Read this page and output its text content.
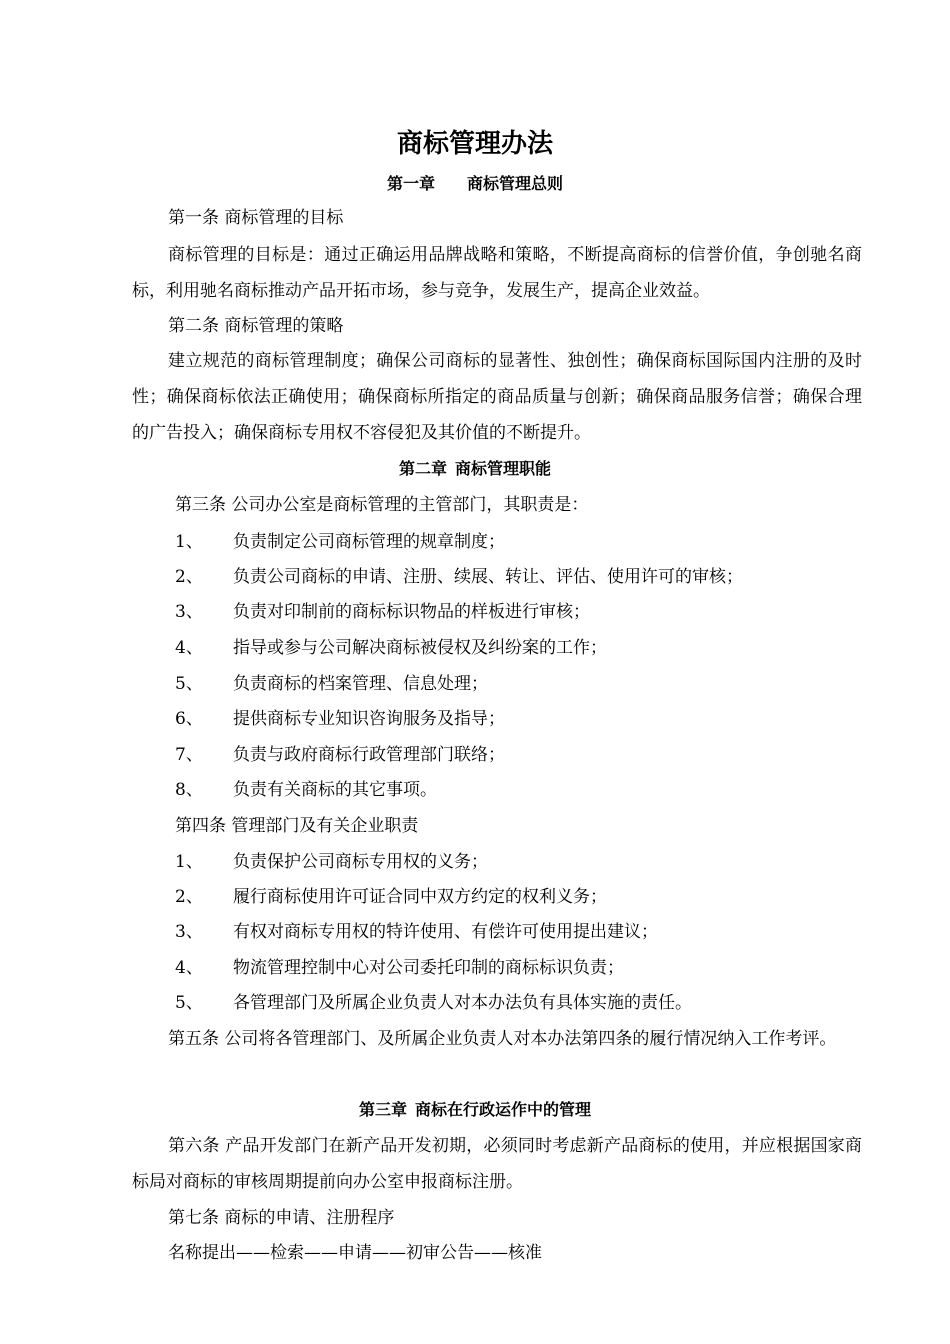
商标管理办法
第一章 商标管理总则
第一条 商标管理的目标
商标管理的目标是：通过正确运用品牌战略和策略，不断提高商标的信誉价值，争创驰名商标，利用驰名商标推动产品开拓市场，参与竞争，发展生产，提高企业效益。
第二条 商标管理的策略
建立规范的商标管理制度；确保公司商标的显著性、独创性；确保商标国际国内注册的及时性；确保商标依法正确使用；确保商标所指定的商品质量与创新；确保商品服务信誉；确保合理的广告投入；确保商标专用权不容侵犯及其价值的不断提升。
第二章 商标管理职能
第三条 公司办公室是商标管理的主管部门，其职责是：
1、 负责制定公司商标管理的规章制度；
2、 负责公司商标的申请、注册、续展、转让、评估、使用许可的审核；
3、 负责对印制前的商标标识物品的样板进行审核；
4、 指导或参与公司解决商标被侵权及纠纷案的工作；
5、 负责商标的档案管理、信息处理；
6、 提供商标专业知识咨询服务及指导；
7、 负责与政府商标行政管理部门联络；
8、 负责有关商标的其它事项。
第四条 管理部门及有关企业职责
1、 负责保护公司商标专用权的义务；
2、 履行商标使用许可证合同中双方约定的权利义务；
3、 有权对商标专用权的特许使用、有偿许可使用提出建议；
4、 物流管理控制中心对公司委托印制的商标标识负责；
5、 各管理部门及所属企业负责人对本办法负有具体实施的责任。
第五条 公司将各管理部门、及所属企业负责人对本办法第四条的履行情况纳入工作考评。
第三章 商标在行政运作中的管理
第六条 产品开发部门在新产品开发初期，必须同时考虑新产品商标的使用，并应根据国家商标局对商标的审核周期提前向办公室申报商标注册。
第七条 商标的申请、注册程序
名称提出——检索——申请——初审公告——核准
